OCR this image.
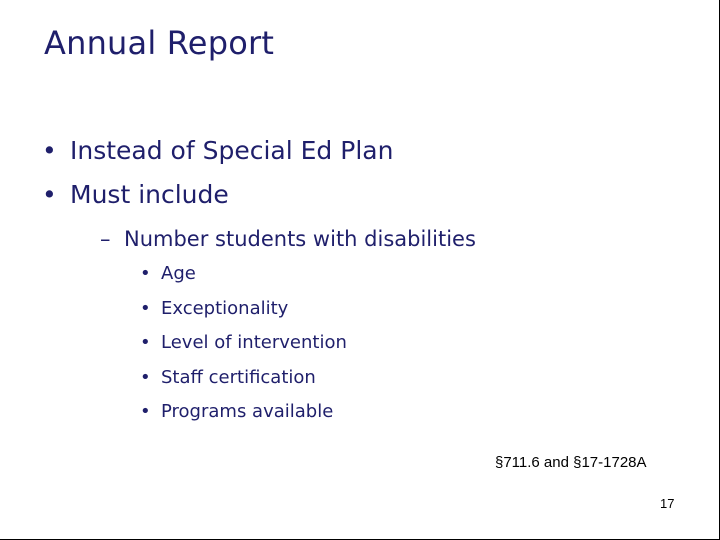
Annual Report
• Instead of Special Ed Plan
• Must include
– Number students with disabilities
• Age
• Exceptionality
• Level of intervention
• Staff certification
• Programs available
§711.6 and §17-1728A
17
